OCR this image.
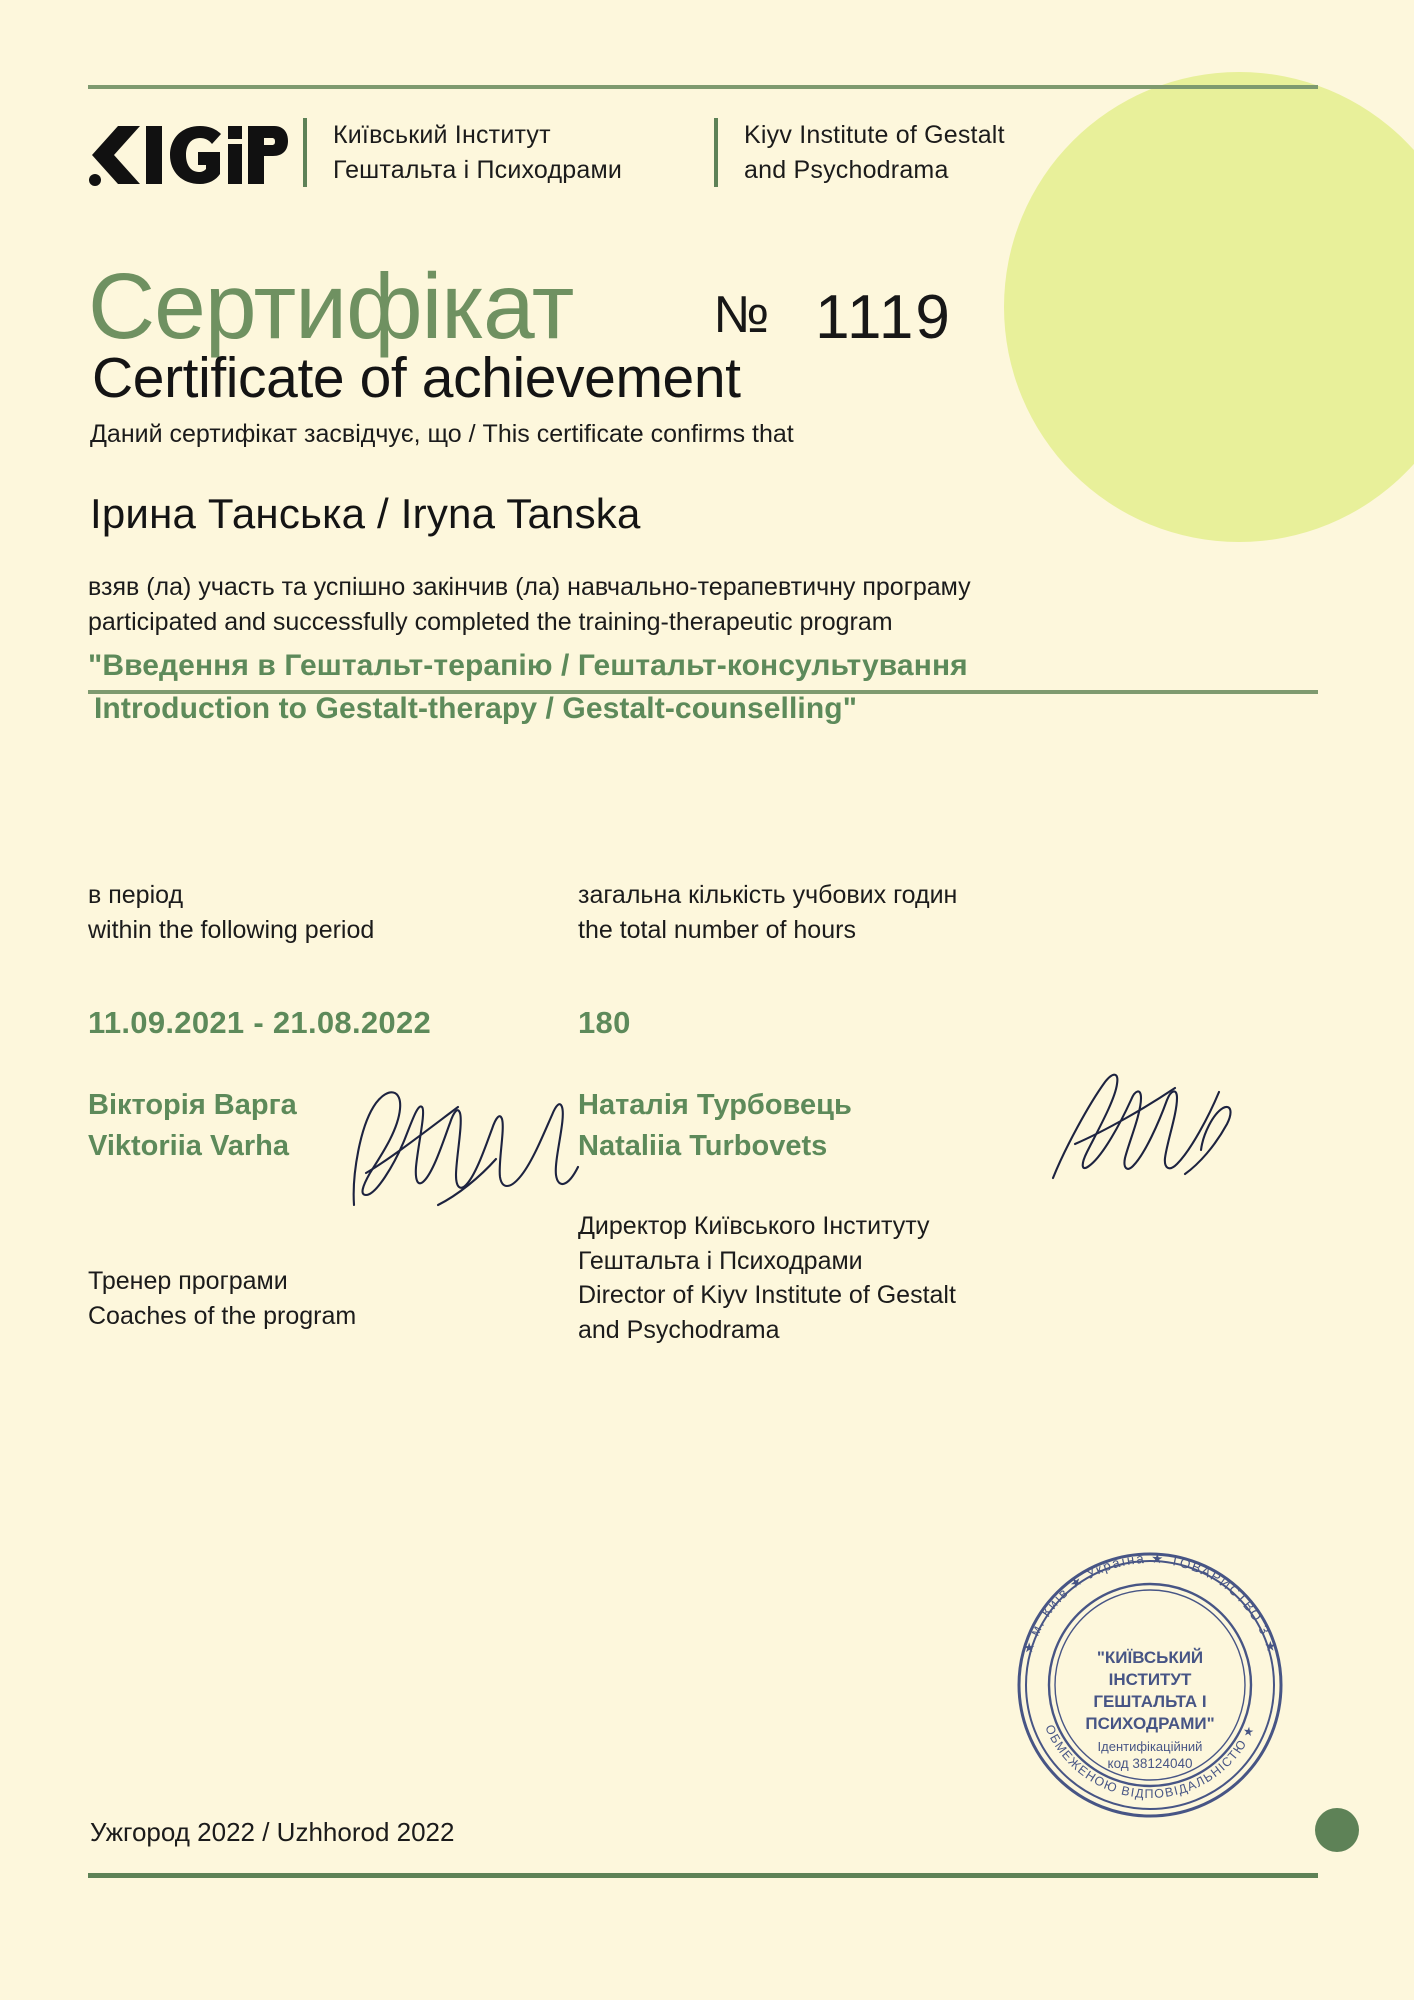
Київський Інститут
Гештальта і Психодрами
Kiyv Institute of Gestalt
and Psychodrama
Сертифікат	№ 1119
Certificate of achievement
Даний сертифікат засвідчує, що / This certificate confirms that
Ірина Танська / Iryna Tanska
взяв (ла) участь та успішно закінчив (ла) навчально-терапевтичну програму
participated and successfully completed the training-therapeutic program
"Введення в Гештальт-терапію / Гештальт-консультування
Introduction to Gestalt-therapy / Gestalt-counselling"
в період
within the following period
11.09.2021 - 21.08.2022
загальна кількість учбових годин
the total number of hours
180
Вікторія Варга
Viktoriia Varha
Тренер програми
Coaches of the program
Наталія Турбовець
Nataliia Turbovets
Директор Київського Інституту
Гештальта і Психодрами
Director of Kiyv Institute of Gestalt
and Psychodrama
★ м. Київ ★ Україна ★ ТОВАРИСТВО З ★
ОБМЕЖЕНОЮ ВІДПОВІДАЛЬНІСТЮ ★
"КИЇВСЬКИЙ
ІНСТИТУТ
ГЕШТАЛЬТА І
ПСИХОДРАМИ"
Ідентифікаційний
код 38124040
Ужгород 2022 / Uzhhorod 2022
